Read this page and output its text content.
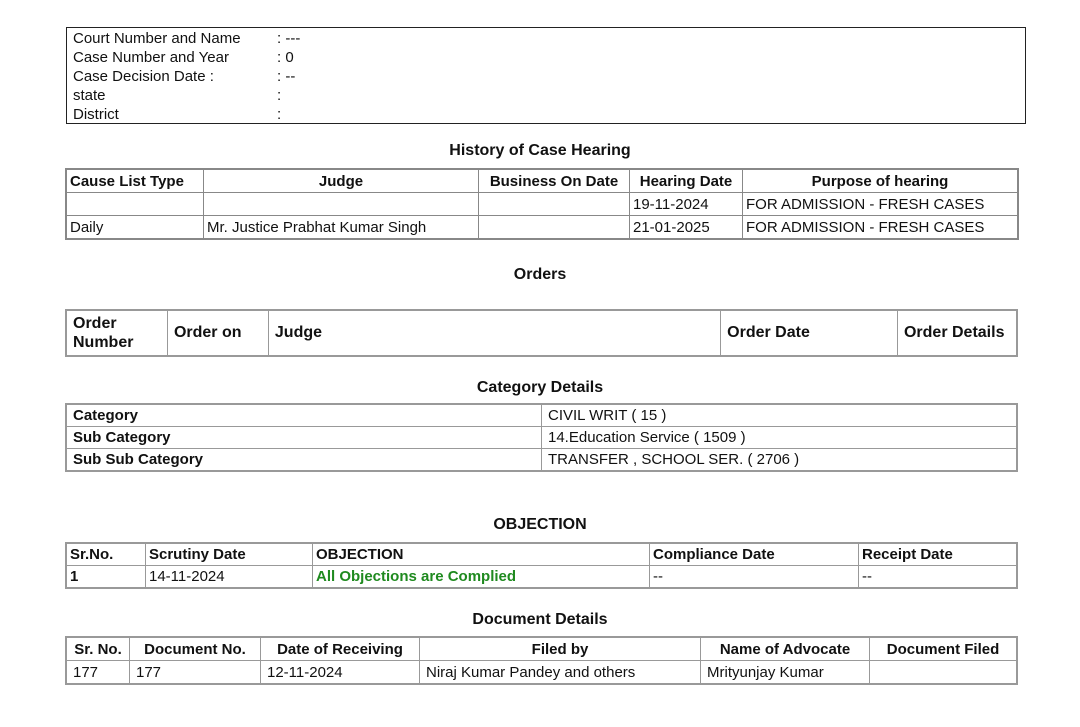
Court Number and Name : ---
Case Number and Year	: 0
Case Decision Date :	: --
state	:
District	:
History of Case Hearing
Cause List Type	Judge	Business On Date	Hearing Date	Purpose of hearing
			19-11-2024	FOR ADMISSION - FRESH CASES
Daily	Mr. Justice Prabhat Kumar Singh		21-01-2025	FOR ADMISSION - FRESH CASES
Orders
Order Number	Order on	Judge	Order Date	Order Details
Category Details
Category	CIVIL WRIT ( 15 )
Sub Category	14.Education Service ( 1509 )
Sub Sub Category	TRANSFER , SCHOOL SER. ( 2706 )
OBJECTION
Sr.No.	Scrutiny Date	OBJECTION	Compliance Date	Receipt Date
1	14-11-2024	All Objections are Complied	--	--
Document Details
Sr. No.	Document No.	Date of Receiving	Filed by	Name of Advocate	Document Filed
177	177	12-11-2024	Niraj Kumar Pandey and others	Mrityunjay Kumar	
